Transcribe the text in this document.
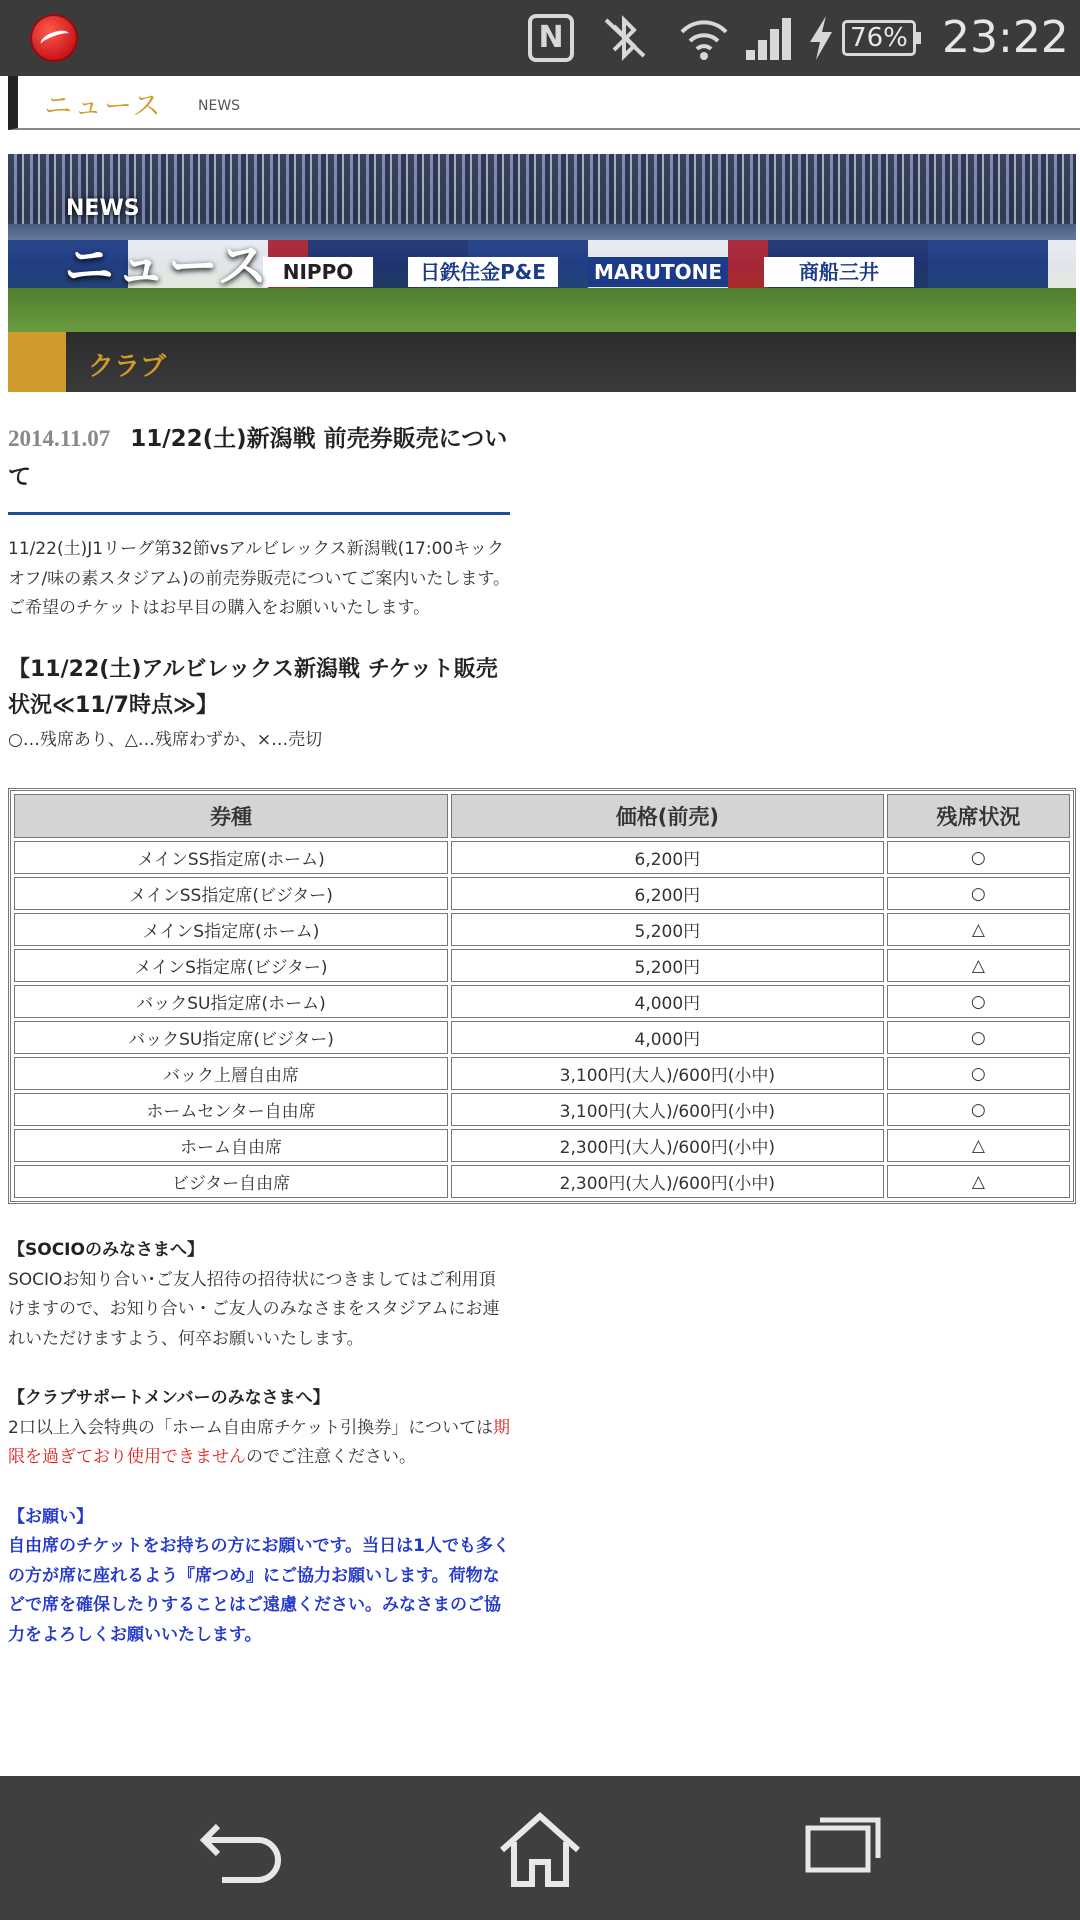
N	76% 23:22
ニュース	NEWS
NIPPO	日鉄住金P&E	MARUTONE	商船三井
NEWS
ニュース
クラブ
2014.11.07 11/22(土)新潟戦 前売券販売について

11/22(土)J1リーグ第32節vsアルビレックス新潟戦(17:00キックオフ/味の素スタジアム)の前売券販売についてご案内いたします。 ご希望のチケットはお早目の購入をお願いいたします。

【11/22(土)アルビレックス新潟戦 チケット販売状況≪11/7時点≫】
○…残席あり、△…残席わずか、×…売切
券種	価格(前売)	残席状況
メインSS指定席(ホーム)	6,200円	○
メインSS指定席(ビジター)	6,200円	○
メインS指定席(ホーム)	5,200円	△
メインS指定席(ビジター)	5,200円	△
バックSU指定席(ホーム)	4,000円	○
バックSU指定席(ビジター)	4,000円	○
バック上層自由席	3,100円(大人)/600円(小中)	○
ホームセンター自由席	3,100円(大人)/600円(小中)	○
ホーム自由席	2,300円(大人)/600円(小中)	△
ビジター自由席	2,300円(大人)/600円(小中)	△
【SOCIOのみなさまへ】

SOCIOお知り合い･ご友人招待の招待状につきましてはご利用頂けますので、お知り合い・ご友人のみなさまをスタジアムにお連れいただけますよう、何卒お願いいたします。

【クラブサポートメンバーのみなさまへ】

2口以上入会特典の「ホーム自由席チケット引換券」については期限を過ぎており使用できませんのでご注意ください。

【お願い】
自由席のチケットをお持ちの方にお願いです。当日は1人でも多くの方が席に座れるよう『席つめ』にご協力お願いします。荷物などで席を確保したりすることはご遠慮ください。みなさまのご協力をよろしくお願いいたします。
